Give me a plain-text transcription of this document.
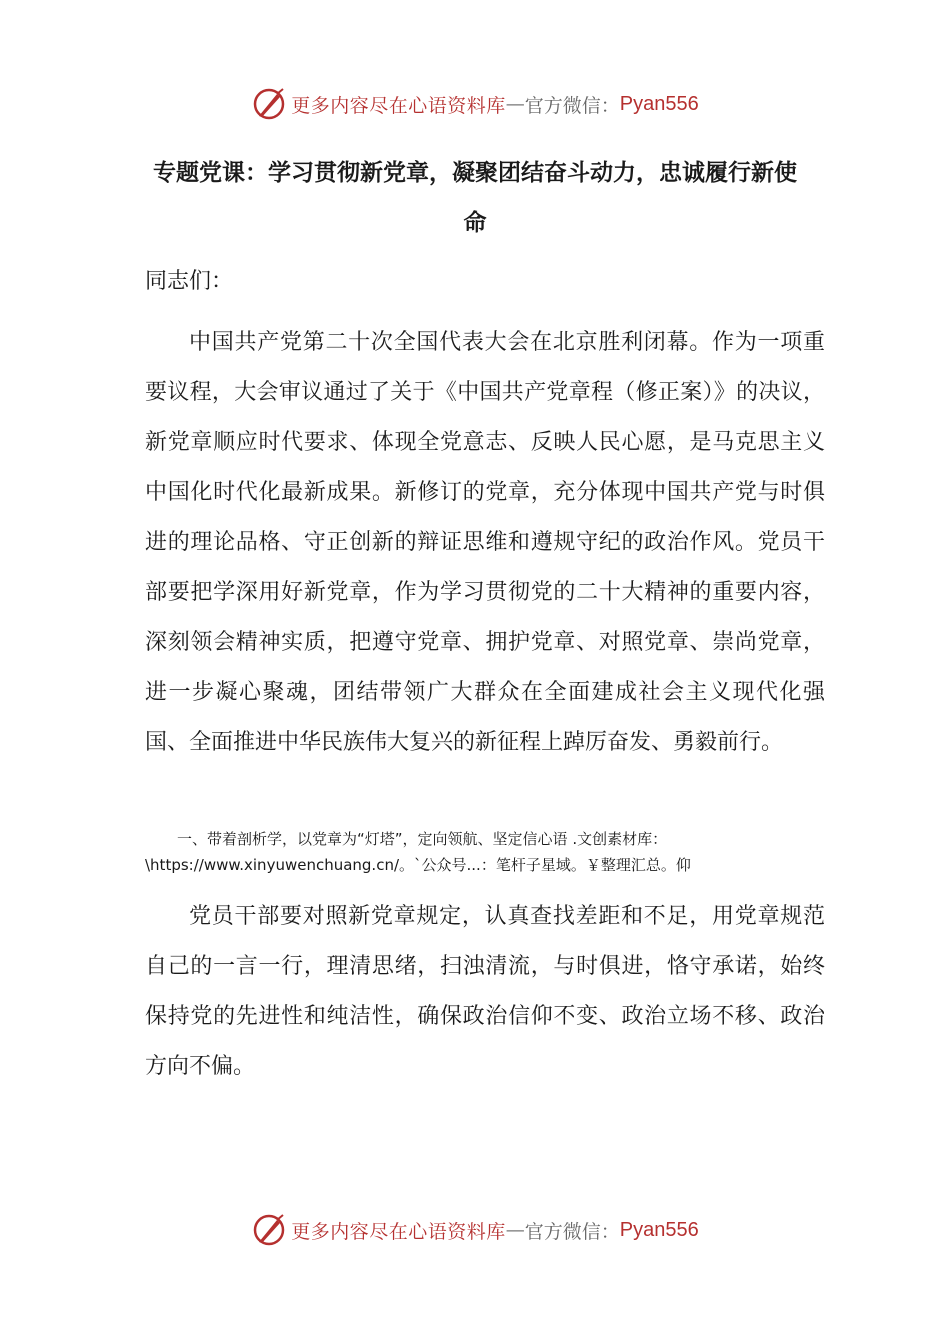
更多内容尽在心语资料库 — 官方微信： Pyan556
专题党课：学习贯彻新党章，凝聚团结奋斗动力，忠诚履行新使命
同志们：

中国共产党第二十次全国代表大会在北京胜利闭幕。作为一项重要议程，大会审议通过了关于《中国共产党章程（修正案）》的决议，新党章顺应时代要求、体现全党意志、反映人民心愿，是马克思主义中国化时代化最新成果。新修订的党章，充分体现中国共产党与时俱进的理论品格、守正创新的辩证思维和遵规守纪的政治作风。党员干部要把学深用好新党章，作为学习贯彻党的二十大精神的重要内容，深刻领会精神实质，把遵守党章、拥护党章、对照党章、崇尚党章，进一步凝心聚魂，团结带领广大群众在全面建成社会主义现代化强国、全面推进中华民族伟大复兴的新征程上踔厉奋发、勇毅前行。

一、带着剖析学，以党章为“灯塔”，定向领航、坚定信心语 .文创素材库：
\https://www.xinyuwenchuang.cn/。`公众号...：笔杆子星域。￥整理汇总。仰

党员干部要对照新党章规定，认真查找差距和不足，用党章规范自己的一言一行，理清思绪，扫浊清流，与时俱进，恪守承诺，始终保持党的先进性和纯洁性，确保政治信仰不变、政治立场不移、政治方向不偏。

更多内容尽在心语资料库 — 官方微信： Pyan556
